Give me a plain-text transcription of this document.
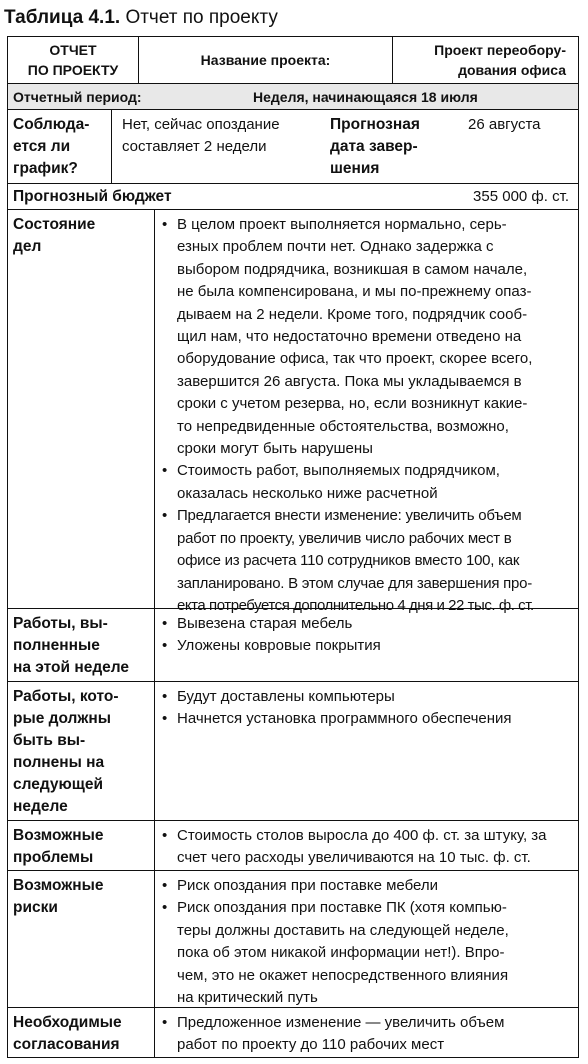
Таблица 4.1. Отчет по проекту
ОТЧЕТ
ПО ПРОЕКТУ
Название проекта:
Проект переобору-
дования офиса
Отчетный период:	Неделя, начинающаяся 18 июля
Соблюда-
ется ли
график?
Нет, сейчас опоздание
составляет 2 недели
Прогнозная
дата завер-
шения
26 августа
Прогнозный бюджет	355 000 ф. ст.
Состояние
дел
• В целом проект выполняется нормально, серь-
езных проблем почти нет. Однако задержка с
выбором подрядчика, возникшая в самом начале,
не была компенсирована, и мы по-прежнему опаз-
дываем на 2 недели. Кроме того, подрядчик сооб-
щил нам, что недостаточно времени отведено на
оборудование офиса, так что проект, скорее всего,
завершится 26 августа. Пока мы укладываемся в
сроки с учетом резерва, но, если возникнут какие-
то непредвиденные обстоятельства, возможно,
сроки могут быть нарушены
• Стоимость работ, выполняемых подрядчиком,
оказалась несколько ниже расчетной
• Предлагается внести изменение: увеличить объем
работ по проекту, увеличив число рабочих мест в
офисе из расчета 110 сотрудников вместо 100, как
запланировано. В этом случае для завершения про-
екта потребуется дополнительно 4 дня и 22 тыс. ф. ст.
Работы, вы-
полненные
на этой неделе
• Вывезена старая мебель
• Уложены ковровые покрытия
Работы, кото-
рые должны
быть вы-
полнены на
следующей
неделе
• Будут доставлены компьютеры
• Начнется установка программного обеспечения
Возможные
проблемы
• Стоимость столов выросла до 400 ф. ст. за штуку, за
счет чего расходы увеличиваются на 10 тыс. ф. ст.
Возможные
риски
• Риск опоздания при поставке мебели
• Риск опоздания при поставке ПК (хотя компью-
теры должны доставить на следующей неделе,
пока об этом никакой информации нет!). Впро-
чем, это не окажет непосредственного влияния
на критический путь
Необходимые
согласования
• Предложенное изменение — увеличить объем
работ по проекту до 110 рабочих мест
